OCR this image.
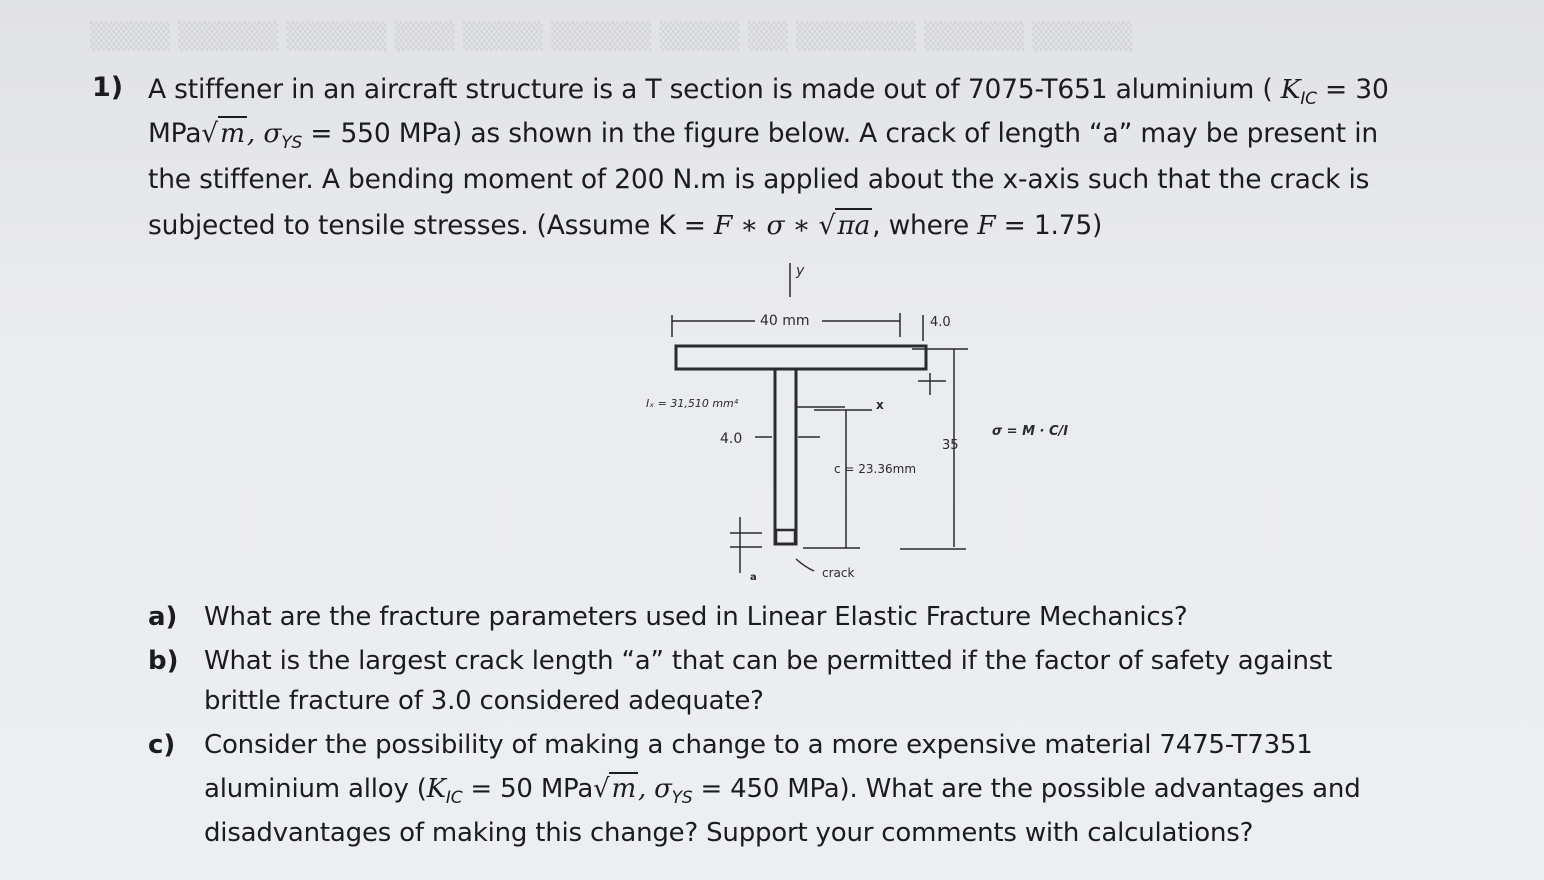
▒▒▒▒ ▒▒▒▒▒ ▒▒▒▒▒ ▒▒▒ ▒▒▒▒ ▒▒▒▒▒ ▒▒▒▒ ▒▒ ▒▒▒▒▒▒ ▒▒▒▒▒ ▒▒▒▒▒
1) A stiffener in an aircraft structure is a T section is made out of 7075-T651 aluminium ( $K_{IC} = 30$
MPa√m, $\sigma_{YS} = 550$ MPa) as shown in the figure below. A crack of length “a” may be present in
the stiffener. A bending moment of 200 N.m is applied about the x-axis such that the crack is
subjected to tensile stresses. (Assume K = F ∗ σ ∗ √πa, where F = 1.75)
y
40 mm	4.0
Iₓ = 31,510 mm⁴
4.0
x
c = 23.36mm
35
σ = M · C/I
a	crack
a) What are the fracture parameters used in Linear Elastic Fracture Mechanics?
b) What is the largest crack length “a” that can be permitted if the factor of safety against
brittle fracture of 3.0 considered adequate?
c) Consider the possibility of making a change to a more expensive material 7475-T7351
aluminium alloy ($K_{IC} = 50$ MPa√m, $\sigma_{YS} = 450$ MPa). What are the possible advantages and
disadvantages of making this change? Support your comments with calculations?
